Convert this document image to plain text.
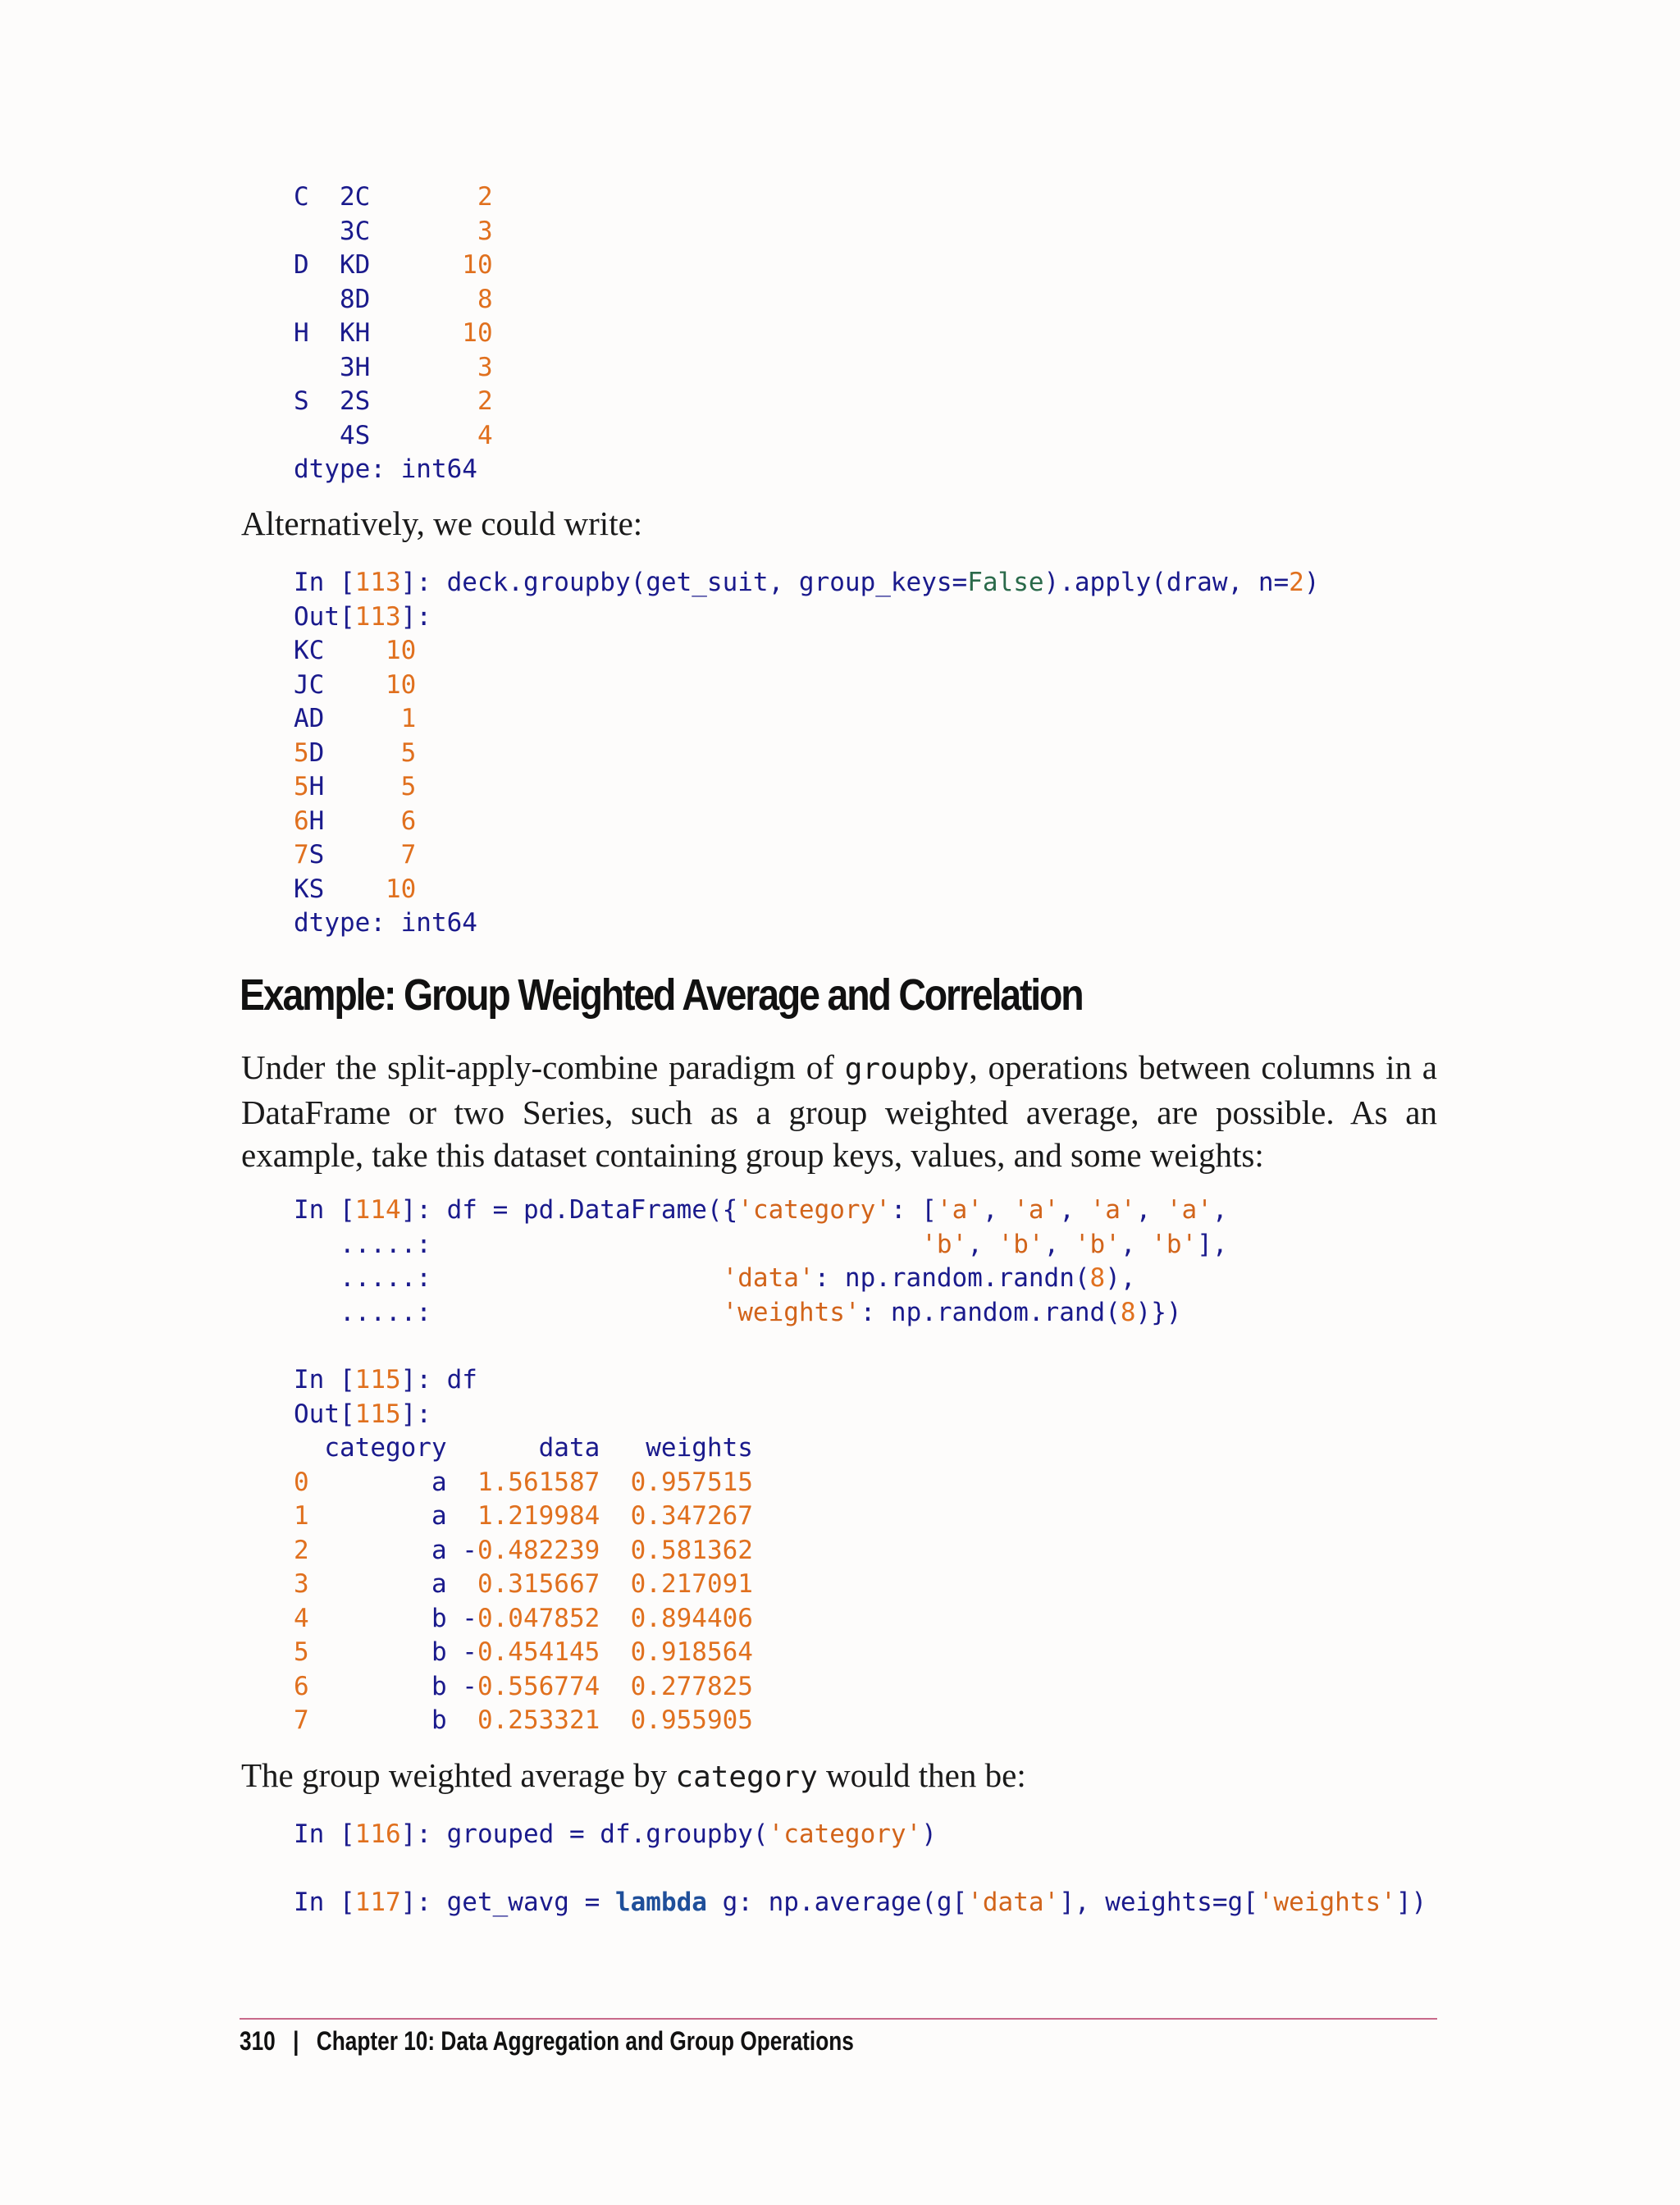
C  2C       2
3C       3
D  KD      10
8D       8
H  KH      10
3H       3
S  2S       2
4S       4
dtype: int64
Alternatively, we could write:
In [113]: deck.groupby(get_suit, group_keys=False).apply(draw, n=2)
Out[113]:
KC    10
JC    10
AD     1
5D     5
5H     5
6H     6
7S     7
KS    10
dtype: int64
Example: Group Weighted Average and Correlation
Under the split-apply-combine paradigm of groupby, operations between columns in a DataFrame or two Series, such as a group weighted average, are possible. As an example, take this dataset containing group keys, values, and some weights:
In [114]: df = pd.DataFrame({'category': ['a', 'a', 'a', 'a',
.....:                                'b', 'b', 'b', 'b'],
.....:                   'data': np.random.randn(8),
.....:                   'weights': np.random.rand(8)})
In [115]: df
Out[115]:
category      data   weights
0        a  1.561587 0.957515
1        a  1.219984 0.347267
2        a -0.482239 0.581362
3        a  0.315667 0.217091
4        b -0.047852 0.894406
5        b -0.454145 0.918564
6        b -0.556774 0.277825
7        b  0.253321 0.955905
The group weighted average by category would then be:
In [116]: grouped = df.groupby('category')
In [117]: get_wavg = lambda g: np.average(g['data'], weights=g['weights'])
310 | Chapter 10: Data Aggregation and Group Operations
